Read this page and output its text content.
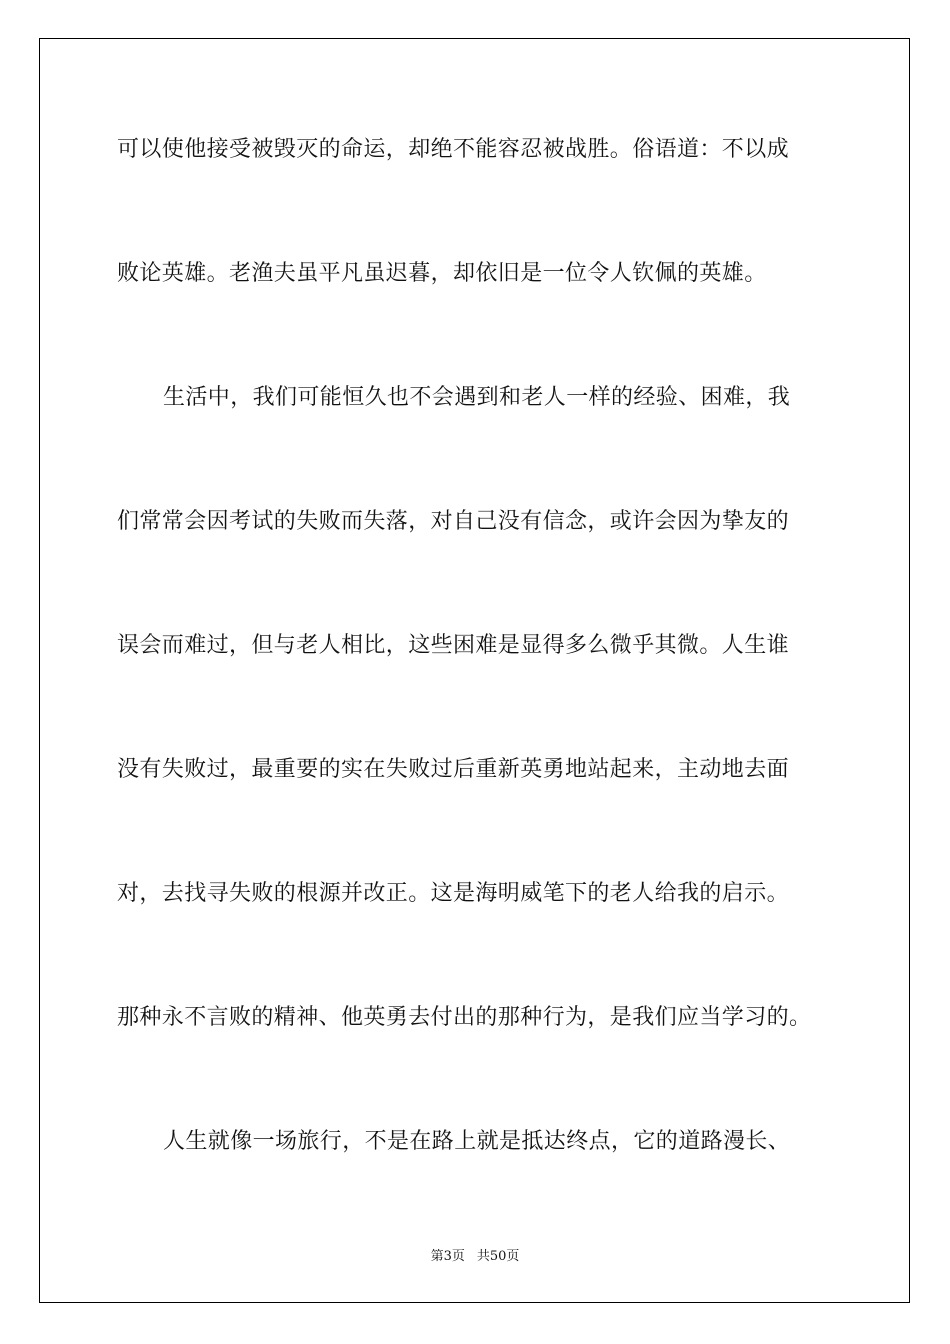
可以使他接受被毁灭的命运，却绝不能容忍被战胜。俗语道：不以成
败论英雄。老渔夫虽平凡虽迟暮，却依旧是一位令人钦佩的英雄。
生活中，我们可能恒久也不会遇到和老人一样的经验、困难，我
们常常会因考试的失败而失落，对自己没有信念，或许会因为挚友的
误会而难过，但与老人相比，这些困难是显得多么微乎其微。人生谁
没有失败过，最重要的实在失败过后重新英勇地站起来，主动地去面
对，去找寻失败的根源并改正。这是海明威笔下的老人给我的启示。
那种永不言败的精神、他英勇去付出的那种行为，是我们应当学习的。
人生就像一场旅行，不是在路上就是抵达终点，它的道路漫长、
第3页 共50页
